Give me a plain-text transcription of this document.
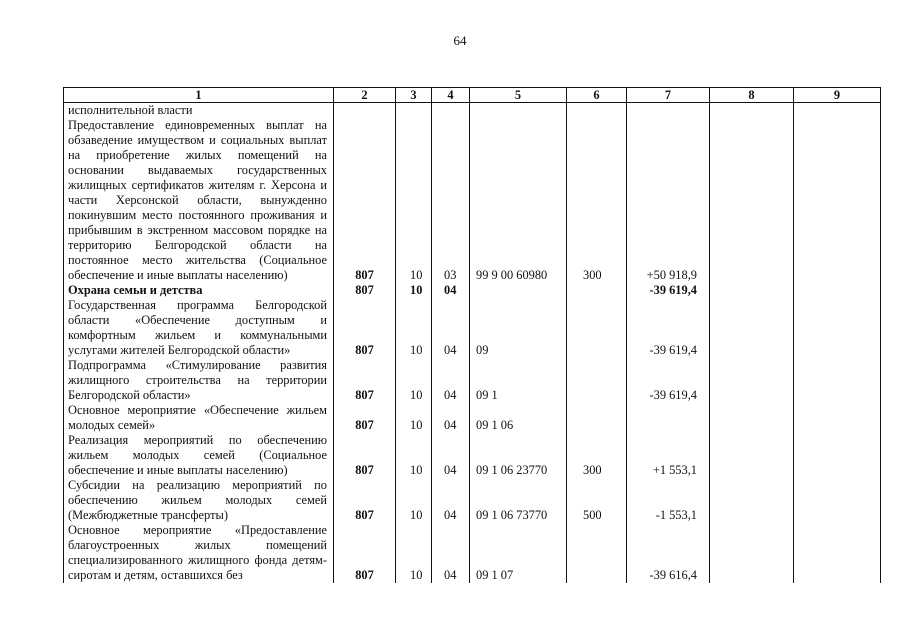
64
1	2	3	4	5	6	7	8	9
исполнительной власти								
Предоставление единовременных выплат на обзаведение имуществом и социальных выплат на приобретение жилых помещений на основании выдаваемых государственных жилищных сертификатов жителям г. Херсона и части Херсонской области, вынужденно покинувшим место постоянного проживания и прибывшим в экстренном массовом порядке на территорию Белгородской области на постоянное место жительства (Социальное обеспечение и иные выплаты населению)	807	10	03	99 9 00 60980	300	+50 918,9		
Охрана семьи и детства	807	10	04			-39 619,4		
Государственная программа Белгородской области «Обеспечение доступным и комфортным жильем и коммунальными услугами жителей Белгородской области»	807	10	04	09		-39 619,4		
Подпрограмма «Стимулирование развития жилищного строительства на территории Белгородской области»	807	10	04	09 1		-39 619,4		
Основное мероприятие «Обеспечение жильем молодых семей»	807	10	04	09 1 06				
Реализация мероприятий по обеспечению жильем молодых семей (Социальное обеспечение и иные выплаты населению)	807	10	04	09 1 06 23770	300	+1 553,1		
Субсидии на реализацию мероприятий по обеспечению жильем молодых семей (Межбюджетные трансферты)	807	10	04	09 1 06 73770	500	-1 553,1		
Основное мероприятие «Предоставление благоустроенных жилых помещений специализированного жилищного фонда детям-сиротам и детям, оставшихся без	807	10	04	09 1 07		-39 616,4		
